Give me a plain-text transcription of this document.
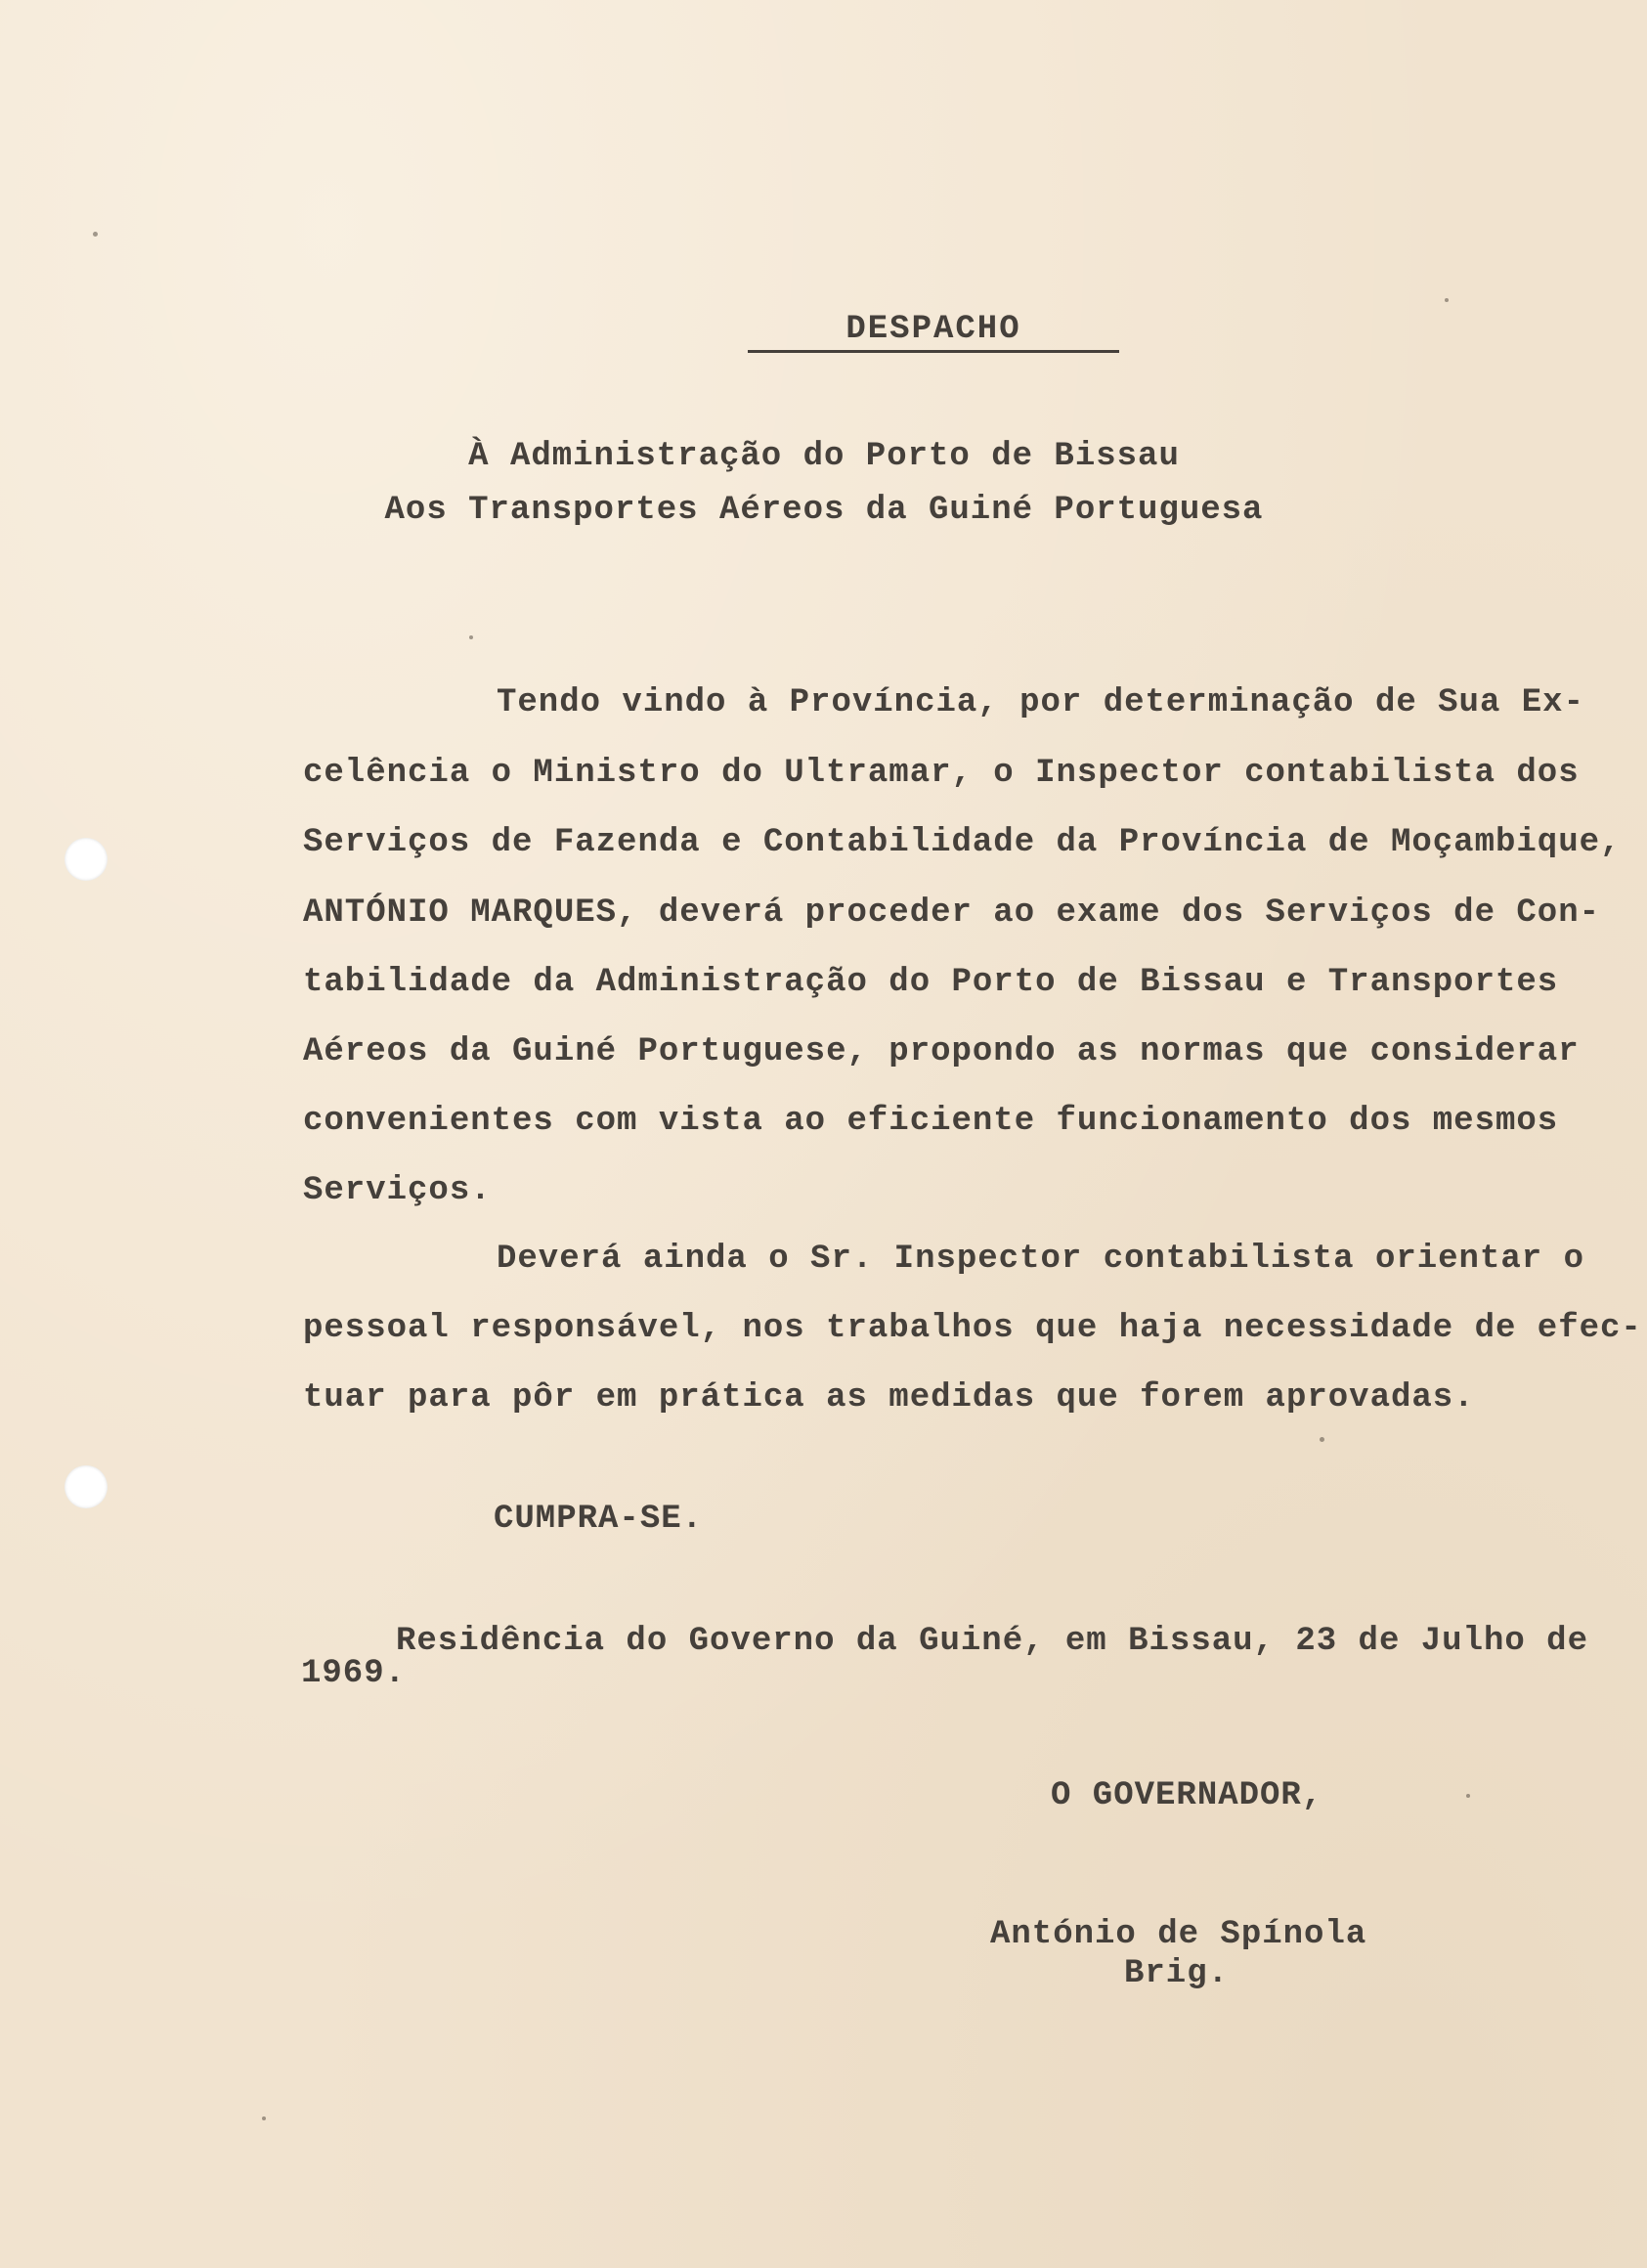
DESPACHO
À Administração do Porto de Bissau
Aos Transportes Aéreos da Guiné Portuguesa
Tendo vindo à Província, por determinação de Sua Ex-
celência o Ministro do Ultramar, o Inspector contabilista dos
Serviços de Fazenda e Contabilidade da Província de Moçambique,
ANTÓNIO MARQUES, deverá proceder ao exame dos Serviços de Con-
tabilidade da Administração do Porto de Bissau e Transportes
Aéreos da Guiné Portuguese, propondo as normas que considerar
convenientes com vista ao eficiente funcionamento dos mesmos
Serviços.
Deverá ainda o Sr. Inspector contabilista orientar o
pessoal responsável, nos trabalhos que haja necessidade de efec-
tuar para pôr em prática as medidas que forem aprovadas.
CUMPRA-SE.
Residência do Governo da Guiné, em Bissau, 23 de Julho de
1969.
O GOVERNADOR,
António de Spínola
Brig.
